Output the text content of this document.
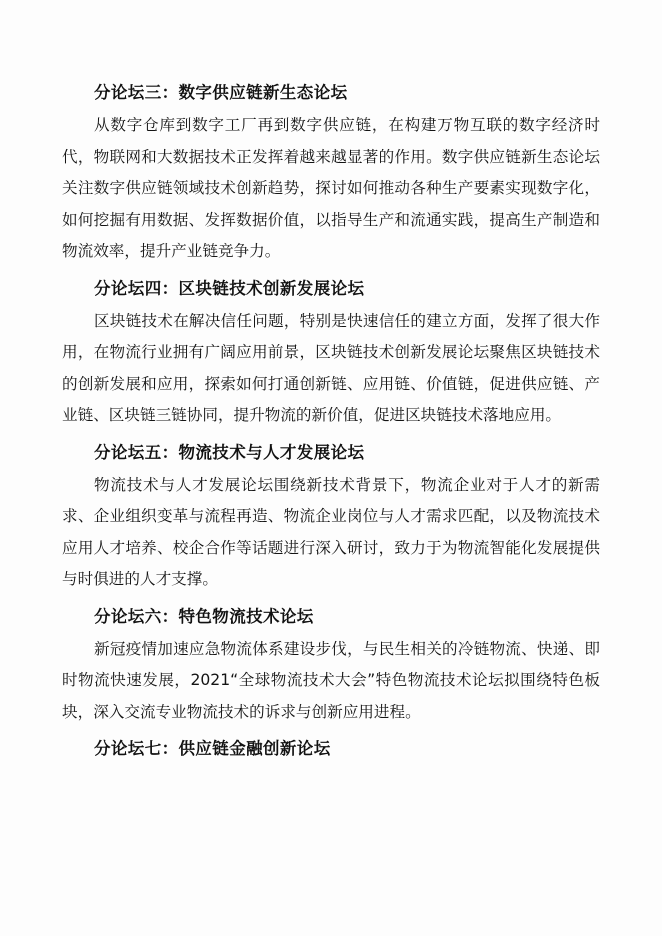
分论坛三：数字供应链新生态论坛
从数字仓库到数字工厂再到数字供应链，在构建万物互联的数字经济时代，物联网和大数据技术正发挥着越来越显著的作用。数字供应链新生态论坛关注数字供应链领域技术创新趋势，探讨如何推动各种生产要素实现数字化，如何挖掘有用数据、发挥数据价值，以指导生产和流通实践，提高生产制造和物流效率，提升产业链竞争力。
分论坛四：区块链技术创新发展论坛
区块链技术在解决信任问题，特别是快速信任的建立方面，发挥了很大作用，在物流行业拥有广阔应用前景，区块链技术创新发展论坛聚焦区块链技术的创新发展和应用，探索如何打通创新链、应用链、价值链，促进供应链、产业链、区块链三链协同，提升物流的新价值，促进区块链技术落地应用。
分论坛五：物流技术与人才发展论坛
物流技术与人才发展论坛围绕新技术背景下，物流企业对于人才的新需求、企业组织变革与流程再造、物流企业岗位与人才需求匹配，以及物流技术应用人才培养、校企合作等话题进行深入研讨，致力于为物流智能化发展提供与时俱进的人才支撑。
分论坛六：特色物流技术论坛
新冠疫情加速应急物流体系建设步伐，与民生相关的冷链物流、快递、即时物流快速发展，2021“全球物流技术大会”特色物流技术论坛拟围绕特色板块，深入交流专业物流技术的诉求与创新应用进程。
分论坛七：供应链金融创新论坛
